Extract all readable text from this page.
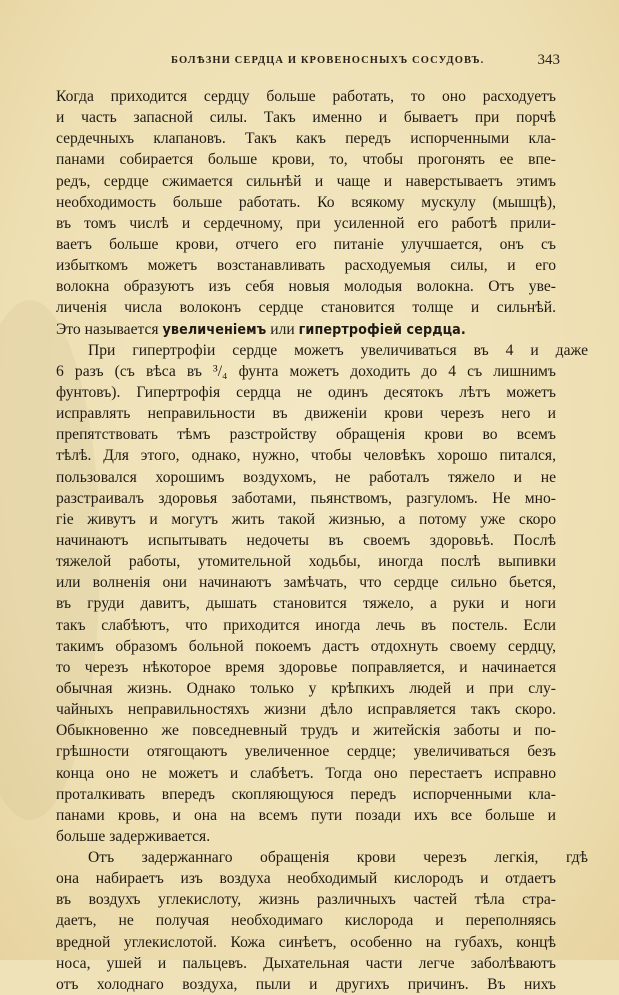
БОЛѢЗНИ СЕРДЦА И КРОВЕНОСНЫХЪ СОСУДОВЪ.	343
Когда приходится сердцу больше работать, то оно расходуетъ
и часть запасной силы. Такъ именно и бываетъ при порчѣ
сердечныхъ клапановъ. Такъ какъ передъ испорченными кла-
панами собирается больше крови, то, чтобы прогонять ее впе-
редъ, сердце сжимается сильнѣй и чаще и наверстываетъ этимъ
необходимость больше работать. Ко всякому мускулу (мышцѣ),
въ томъ числѣ и сердечному, при усиленной его работѣ прили-
ваетъ больше крови, отчего его питаніе улучшается, онъ съ
избыткомъ можетъ возстанавливать расходуемыя силы, и его
волокна образуютъ изъ себя новыя молодыя волокна. Отъ уве-
личенія числа волоконъ сердце становится толще и сильнѣй.
Это называется увеличеніемъ или гипертрофіей сердца.
При гипертрофіи сердце можетъ увеличиваться въ 4 и даже
6 разъ (съ вѣса въ ³/₄ фунта можетъ доходить до 4 съ лишнимъ
фунтовъ). Гипертрофія сердца не одинъ десятокъ лѣтъ можетъ
исправлять неправильности въ движеніи крови черезъ него и
препятствовать тѣмъ разстройству обращенія крови во всемъ
тѣлѣ. Для этого, однако, нужно, чтобы человѣкъ хорошо питался,
пользовался хорошимъ воздухомъ, не работалъ тяжело и не
разстраивалъ здоровья заботами, пьянствомъ, разгуломъ. Не мно-
гіе живутъ и могутъ жить такой жизнью, а потому уже скоро
начинаютъ испытывать недочеты въ своемъ здоровьѣ. Послѣ
тяжелой работы, утомительной ходьбы, иногда послѣ выпивки
или волненія они начинаютъ замѣчать, что сердце сильно бьется,
въ груди давитъ, дышать становится тяжело, а руки и ноги
такъ слабѣютъ, что приходится иногда лечь въ постель. Если
такимъ образомъ больной покоемъ дастъ отдохнуть своему сердцу,
то черезъ нѣкоторое время здоровье поправляется, и начинается
обычная жизнь. Однако только у крѣпкихъ людей и при слу-
чайныхъ неправильностяхъ жизни дѣло исправляется такъ скоро.
Обыкновенно же повседневный трудъ и житейскія заботы и по-
грѣшности отягощаютъ увеличенное сердце; увеличиваться безъ
конца оно не можетъ и слабѣетъ. Тогда оно перестаетъ исправно
проталкивать впередъ скопляющуюся передъ испорченными кла-
панами кровь, и она на всемъ пути позади ихъ все больше и
больше задерживается.
Отъ задержаннаго обращенія крови черезъ легкія, гдѣ
она набираетъ изъ воздуха необходимый кислородъ и отдаетъ
въ воздухъ углекислоту, жизнь различныхъ частей тѣла стра-
даетъ, не получая необходимаго кислорода и переполняясь
вредной углекислотой. Кожа синѣетъ, особенно на губахъ, концѣ
носа, ушей и пальцевъ. Дыхательная части легче заболѣваютъ
отъ холоднаго воздуха, пыли и другихъ причинъ. Въ нихъ
